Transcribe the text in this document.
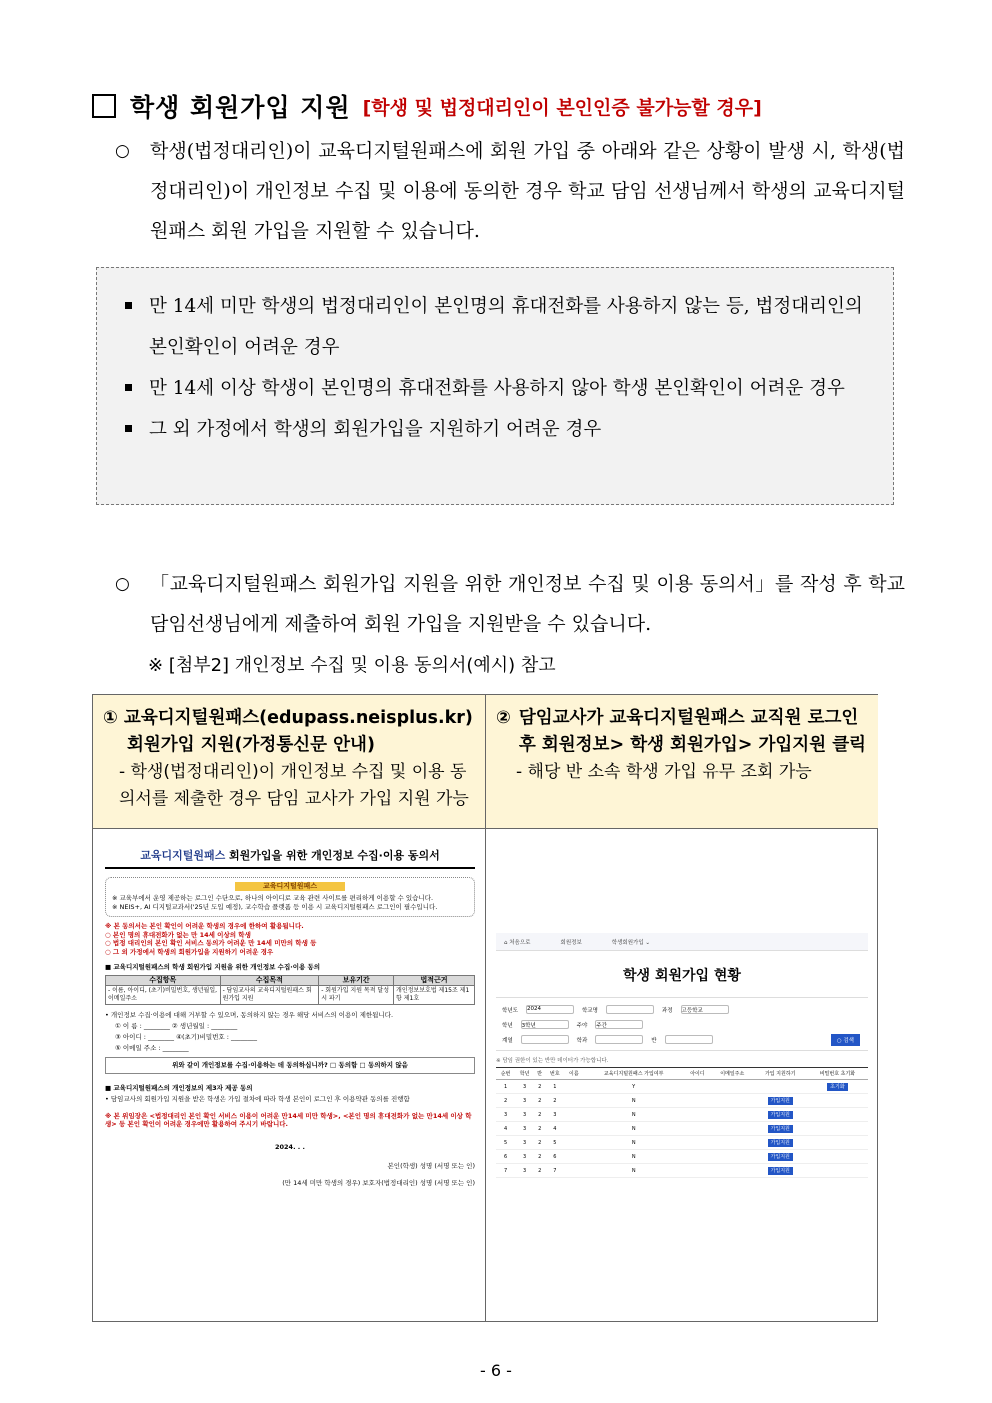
학생 회원가입 지원 [학생 및 법정대리인이 본인인증 불가능할 경우]
○	학생(법정대리인)이 교육디지털원패스에 회원 가입 중 아래와 같은 상황이 발생 시, 학생(법정대리인)이 개인정보 수집 및 이용에 동의한 경우 학교 담임 선생님께서 학생의 교육디지털원패스 회원 가입을 지원할 수 있습니다.
만 14세 미만 학생의 법정대리인이 본인명의 휴대전화를 사용하지 않는 등, 법정대리인의 본인확인이 어려운 경우
만 14세 이상 학생이 본인명의 휴대전화를 사용하지 않아 학생 본인확인이 어려운 경우
그 외 가정에서 학생의 회원가입을 지원하기 어려운 경우
○	「교육디지털원패스 회원가입 지원을 위한 개인정보 수집 및 이용 동의서」를 작성 후 학교 담임선생님에게 제출하여 회원 가입을 지원받을 수 있습니다.
※ [첨부2] 개인정보 수집 및 이용 동의서(예시) 참고
① 교육디지털원패스(edupass.neisplus.kr)
회원가입 지원(가정통신문 안내)
- 학생(법정대리인)이 개인정보 수집 및 이용 동의서를 제출한 경우 담임 교사가 가입 지원 가능
② 담임교사가 교육디지털원패스 교직원 로그인 후 회원정보> 학생 회원가입> 가입지원 클릭
- 해당 반 소속 학생 가입 유무 조회 가능
교육디지털원패스 회원가입을 위한 개인정보 수집·이용 동의서
교육디지털원패스
※ 교육부에서 운영 제공하는 로그인 수단으로, 하나의 아이디로 교육 관련 사이트를 편리하게 이용할 수 있습니다.
※ NEIS+, AI 디지털교과서('25년 도입 예정), 교수학습 플랫폼 등 이용 시 교육디지털원패스 로그인이 필수입니다.
※ 본 동의서는 본인 확인이 어려운 학생의 경우에 한하여 활용됩니다.
○ 본인 명의 휴대전화가 없는 만 14세 이상의 학생
○ 법정 대리인의 본인 확인 서비스 동의가 어려운 만 14세 미만의 학생 등
○ 그 외 가정에서 학생의 회원가입을 지원하기 어려운 경우
■ 교육디지털원패스의 학생 회원가입 지원을 위한 개인정보 수집·이용 동의
수집항목	수집목적	보유기간	법적근거
- 이름, 아이디, (초기)비밀번호, 생년월일, 이메일주소	- 담임교사의 교육디지털원패스 회원가입 지원	- 회원가입 지원 목적 달성 시 파기	개인정보보호법 제15조 제1항 제1호
• 개인정보 수집·이용에 대해 거부할 수 있으며, 동의하지 않는 경우 해당 서비스의 이용이 제한됩니다.
① 이 름 : ________ ② 생년월일 : ________
③ 아이디 : ________ ④(초기)비밀번호 : ________
⑤ 이메일 주소 : ________
위와 같이 개인정보를 수집·이용하는 데 동의하십니까? □ 동의함 □ 동의하지 않음
■ 교육디지털원패스의 개인정보의 제3자 제공 동의
• 담임교사의 회원가입 지원을 받은 학생은 가입 절차에 따라 학생 본인이 로그인 후 이용약관 동의를 진행함
※ 본 위임장은 <법정대리인 본인 확인 서비스 이용이 어려운 만14세 미만 학생>, <본인 명의 휴대전화가 없는 만14세 이상 학생> 등 본인 확인이 어려운 경우에만 활용하여 주시기 바랍니다.
2024. . .
본인(학생) 성명 (서명 또는 인)
(만 14세 미만 학생의 경우) 보호자(법정대리인) 성명 (서명 또는 인)
⌂ 처음으로	회원정보	학생회원가입 ⌄
학생 회원가입 현황
학년도 2024	학교명	과정 고등학교
학년 3학년	주야 주간
계열	학과	반	○ 검색
※ 담임 권한이 있는 반만 데이터가 가능합니다.
순번	학년	반	번호	이름	교육디지털원패스 가입여부	아이디	이메일주소	가입 지원하기	비밀번호 초기화
1	3	2	1		Y				초기화
2	3	2	2		N			가입지원	
3	3	2	3		N			가입지원	
4	3	2	4		N			가입지원	
5	3	2	5		N			가입지원	
6	3	2	6		N			가입지원	
7	3	2	7		N			가입지원	
- 6 -
